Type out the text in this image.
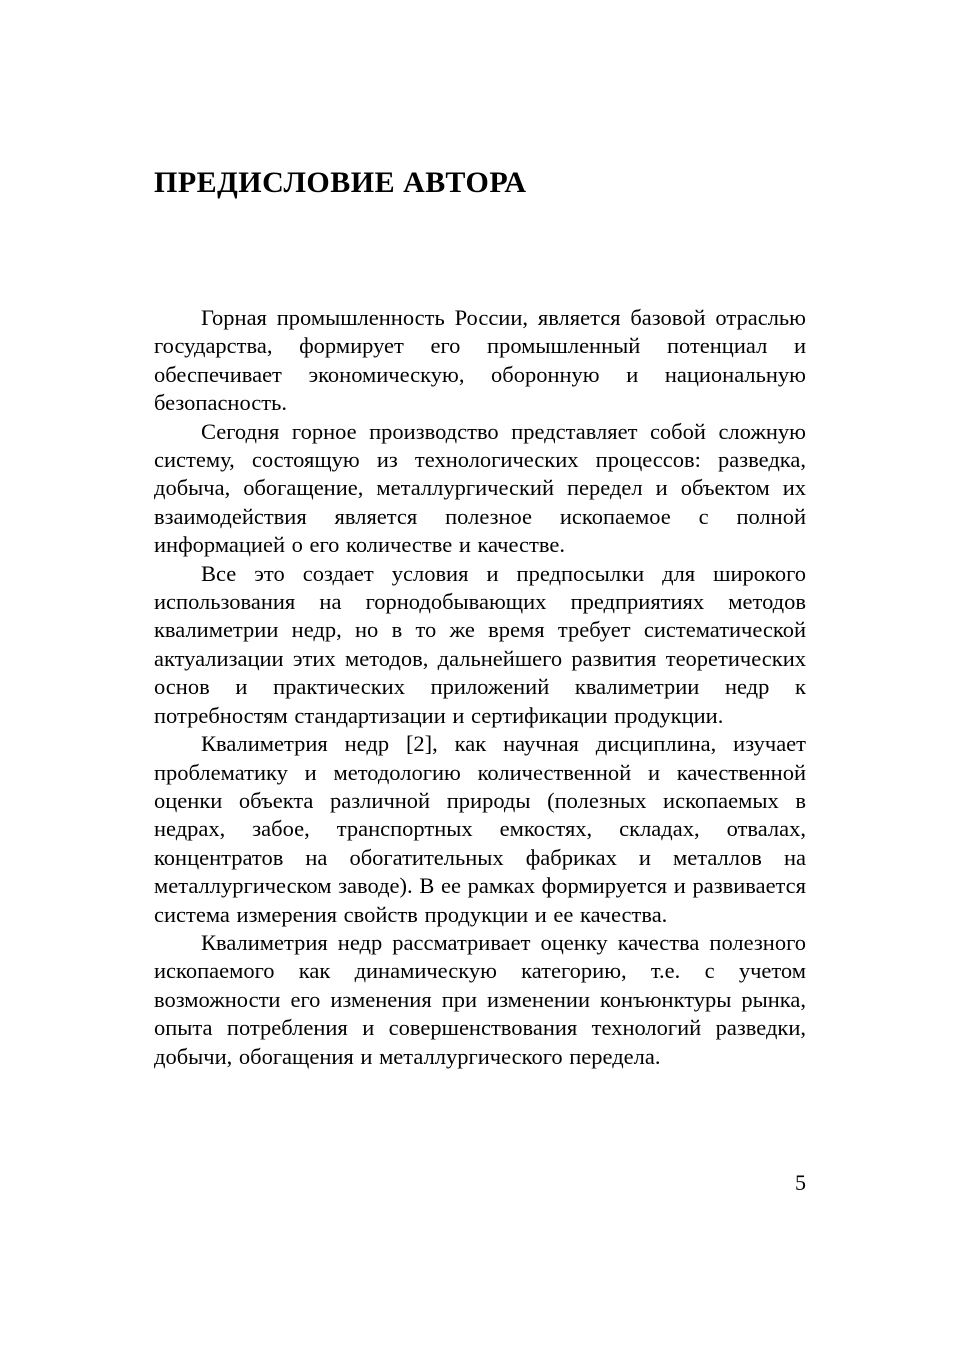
ПРЕДИСЛОВИЕ АВТОРА

Горная промышленность России, является базовой отраслью государства, формирует его промышленный потенциал и обеспечивает экономическую, оборонную и национальную безопасность.

Сегодня горное производство представляет собой сложную систему, состоящую из технологических процессов: разведка, добыча, обогащение, металлургический передел и объектом их взаимодействия является полезное ископаемое с полной информацией о его количестве и качестве.

Все это создает условия и предпосылки для широкого использования на горнодобывающих предприятиях методов квалиметрии недр, но в то же время требует систематической актуализации этих методов, дальнейшего развития теоретических основ и практических приложений квалиметрии недр к потребностям стандартизации и сертификации продукции.

Квалиметрия недр [2], как научная дисциплина, изучает проблематику и методологию количественной и качественной оценки объекта различной природы (полезных ископаемых в недрах, забое, транспортных емкостях, складах, отвалах, концентратов на обогатительных фабриках и металлов на металлургическом заводе). В ее рамках формируется и развивается система измерения свойств продукции и ее качества.

Квалиметрия недр рассматривает оценку качества полезного ископаемого как динамическую категорию, т.е. с учетом возможности его изменения при изменении конъюнктуры рынка, опыта потребления и совершенствования технологий разведки, добычи, обогащения и металлургического передела.

5
